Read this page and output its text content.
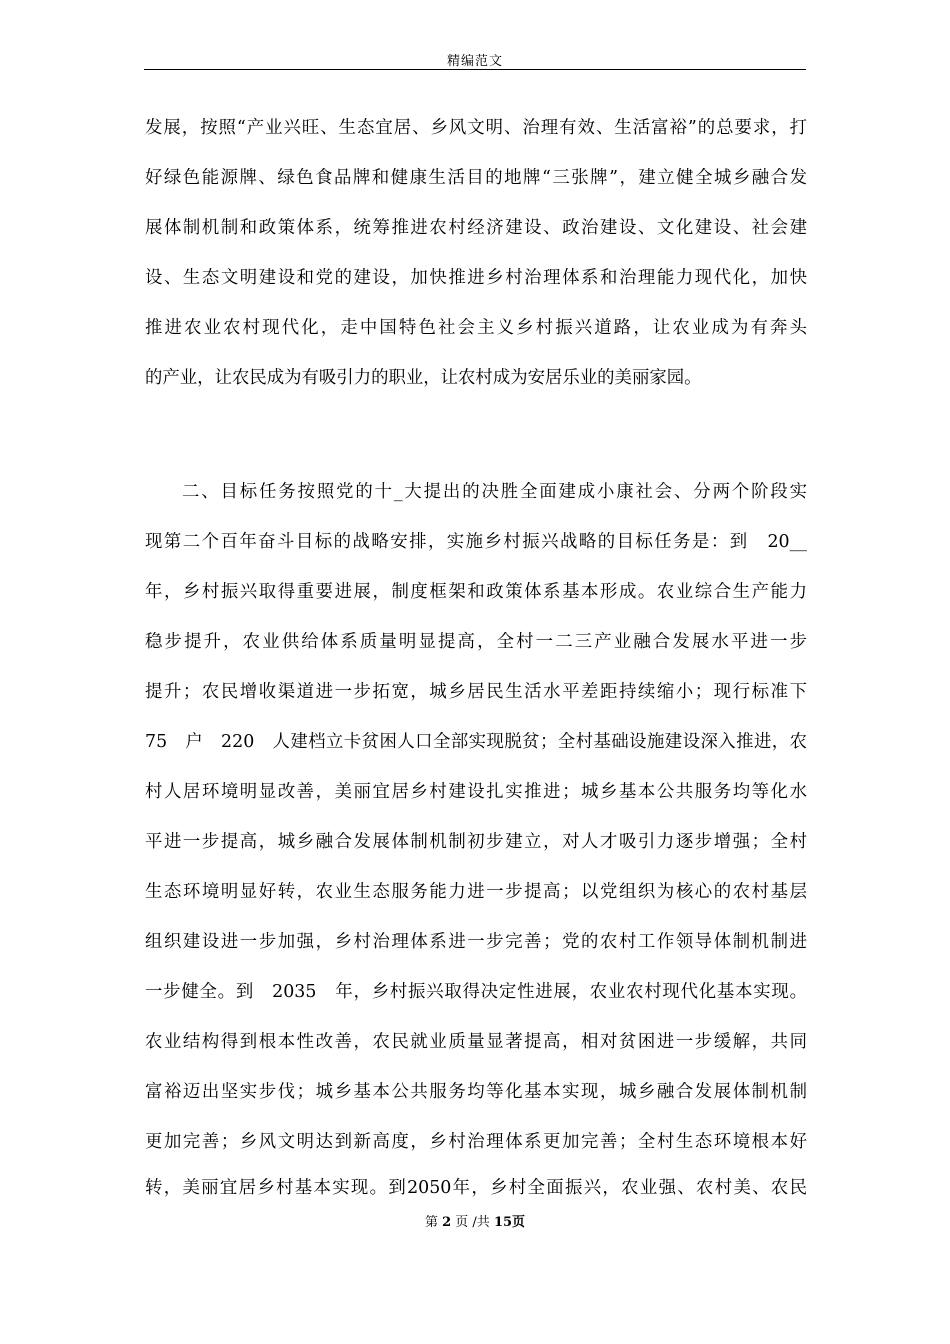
精编范文
发展，按照“产业兴旺、生态宜居、乡风文明、治理有效、生活富裕”的总要求，打
好绿色能源牌、绿色食品牌和健康生活目的地牌“三张牌”，建立健全城乡融合发
展体制机制和政策体系，统筹推进农村经济建设、政治建设、文化建设、社会建
设、生态文明建设和党的建设，加快推进乡村治理体系和治理能力现代化，加快
推进农业农村现代化，走中国特色社会主义乡村振兴道路，让农业成为有奔头
的产业，让农民成为有吸引力的职业，让农村成为安居乐业的美丽家园。
二、目标任务按照党的十_大提出的决胜全面建成小康社会、分两个阶段实
现第二个百年奋斗目标的战略安排，实施乡村振兴战略的目标任务是：到　20__
年，乡村振兴取得重要进展，制度框架和政策体系基本形成。农业综合生产能力
稳步提升，农业供给体系质量明显提高，全村一二三产业融合发展水平进一步
提升；农民增收渠道进一步拓宽，城乡居民生活水平差距持续缩小；现行标准下
75　户　220　人建档立卡贫困人口全部实现脱贫；全村基础设施建设深入推进，农
村人居环境明显改善，美丽宜居乡村建设扎实推进；城乡基本公共服务均等化水
平进一步提高，城乡融合发展体制机制初步建立，对人才吸引力逐步增强；全村
生态环境明显好转，农业生态服务能力进一步提高；以党组织为核心的农村基层
组织建设进一步加强，乡村治理体系进一步完善；党的农村工作领导体制机制进
一步健全。到　2035　年，乡村振兴取得决定性进展，农业农村现代化基本实现。
农业结构得到根本性改善，农民就业质量显著提高，相对贫困进一步缓解，共同
富裕迈出坚实步伐；城乡基本公共服务均等化基本实现，城乡融合发展体制机制
更加完善；乡风文明达到新高度，乡村治理体系更加完善；全村生态环境根本好
转，美丽宜居乡村基本实现。到2050年，乡村全面振兴，农业强、农村美、农民
第 2 页 /共 15页
